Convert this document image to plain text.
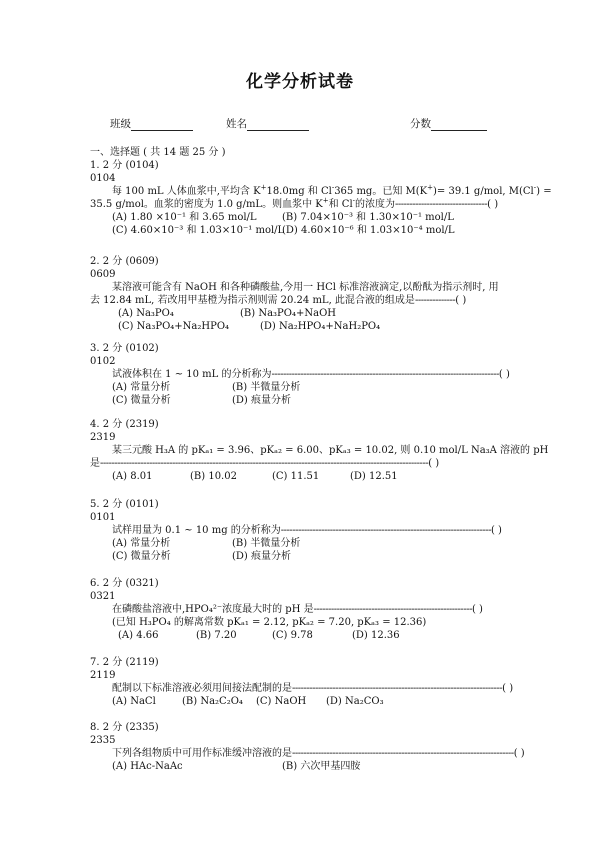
化学分析试卷
班级	姓名	分数
一、选择题 ( 共 14 题 25 分 )
1. 2 分 (0104)
0104
每 100 mL 人体血浆中,平均含 K+18.0mg 和 Cl-365 mg。已知 M(K+)= 39.1 g/mol, M(Cl-) =
35.5 g/mol。血浆的密度为 1.0 g/mL。则血浆中 K+和 Cl-的浓度为--------------------------------( )
(A) 1.80 ×10⁻¹ 和 3.65 mol/L	(B) 7.04×10⁻³ 和 1.30×10⁻¹ mol/L
(C) 4.60×10⁻³ 和 1.03×10⁻¹ mol/L
(D) 4.60×10⁻⁶ 和 1.03×10⁻⁴ mol/L
2. 2 分 (0609)
0609
某溶液可能含有 NaOH 和各种磷酸盐,今用一 HCl 标准溶液滴定,以酚酞为指示剂时, 用
去 12.84 mL, 若改用甲基橙为指示剂则需 20.24 mL, 此混合液的组成是--------------( )
(A) Na₃PO₄	(B) Na₃PO₄+NaOH
(C) Na₃PO₄+Na₂HPO₄	(D) Na₂HPO₄+NaH₂PO₄
3. 2 分 (0102)
0102
试液体积在 1 ~ 10 mL 的分析称为-------------------------------------------------------------------------------( )
(A) 常量分析	(B) 半微量分析
(C) 微量分析	(D) 痕量分析
4. 2 分 (2319)
2319
某三元酸 H₃A 的 pKₐ₁ = 3.96、pKₐ₂ = 6.00、pKₐ₃ = 10.02, 则 0.10 mol/L Na₃A 溶液的 pH
是------------------------------------------------------------------------------------------------------------------( )
(A) 8.01	(B) 10.02	(C) 11.51	(D) 12.51
5. 2 分 (0101)
0101
试样用量为 0.1 ~ 10 mg 的分析称为-------------------------------------------------------------------------( )
(A) 常量分析	(B) 半微量分析
(C) 微量分析	(D) 痕量分析
6. 2 分 (0321)
0321
在磷酸盐溶液中,HPO₄²⁻浓度最大时的 pH 是-------------------------------------------------------( )
(已知 H₃PO₄ 的解离常数 pKₐ₁ = 2.12, pKₐ₂ = 7.20, pKₐ₃ = 12.36)
(A) 4.66	(B) 7.20	(C) 9.78	(D) 12.36
7. 2 分 (2119)
2119
配制以下标准溶液必须用间接法配制的是-------------------------------------------------------------------------( )
(A) NaCl	(B) Na₂C₂O₄ (C) NaOH (D) Na₂CO₃
8. 2 分 (2335)
2335
下列各组物质中可用作标准缓冲溶液的是-----------------------------------------------------------------------------( )
(A) HAc-NaAc	(B) 六次甲基四胺
